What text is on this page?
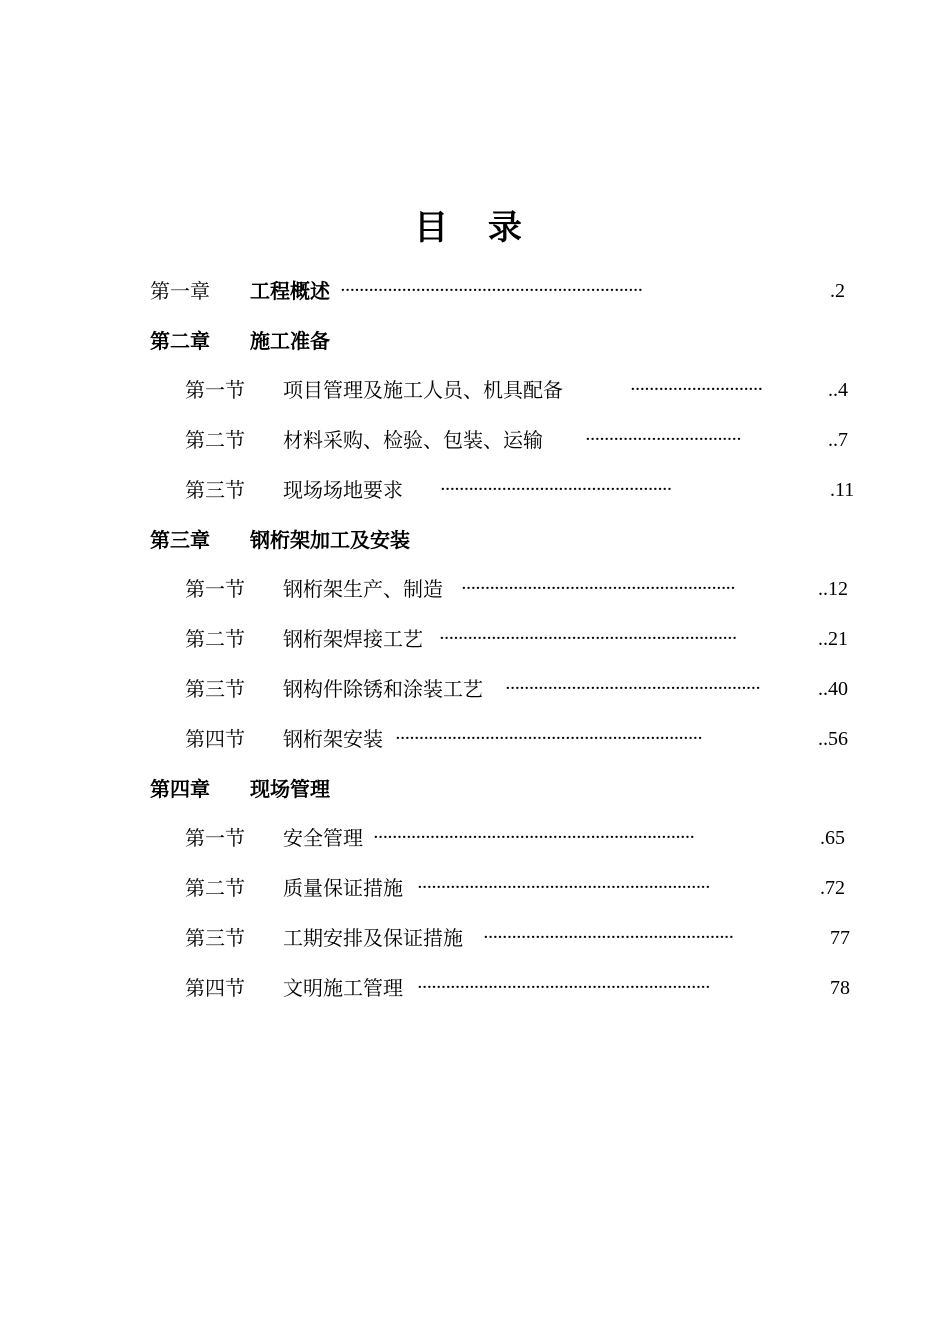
目 录
第一章 工程概述 ································································	.2
第二章 施工准备
第一节 项目管理及施工人员、机具配备	····························	..4
第二节 材料采购、检验、包装、运输 ·································	..7
第三节 现场场地要求 ·················································	.11
第三章 钢桁架加工及安装
第一节 钢桁架生产、制造 ··························································	..12
第二节 钢桁架焊接工艺 ·······························································	..21
第三节 钢构件除锈和涂装工艺 ······················································	..40
第四节 钢桁架安装 ·································································	..56
第四章 现场管理
第一节 安全管理 ····································································	.65
第二节 质量保证措施 ······························································	.72
第三节 工期安排及保证措施 ·····················································	77
第四节 文明施工管理 ······························································	78
